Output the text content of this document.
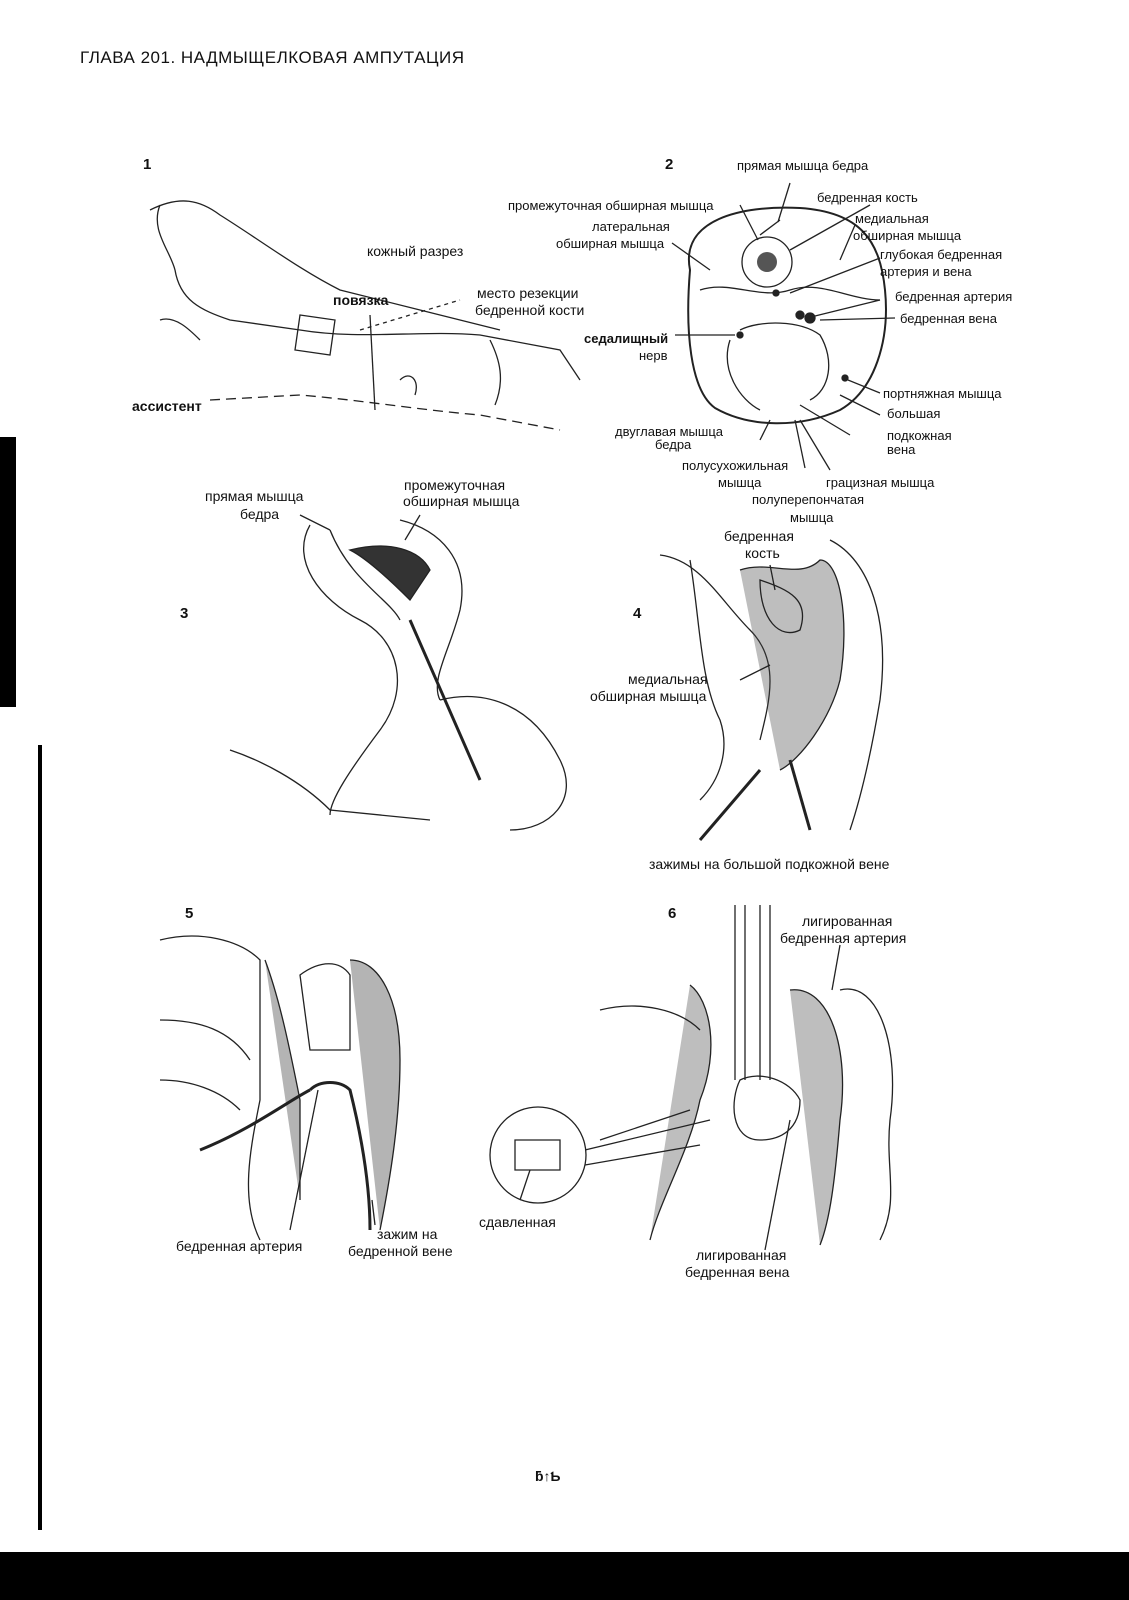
ГЛАВА 201. НАДМЫЩЕЛКОВАЯ АМПУТАЦИЯ
1	2
3	4
5	6
кожный разрез
повязка	место резекции
бедренной кости
ассистент
прямая мышца бедра
бедренная кость
промежуточная обширная мышца
латеральная
обширная мышца
медиальная
обширная мышца
глубокая бедренная
артерия и вена
бедренная артерия
бедренная вена
седалищный
нерв
портняжная мышца
большая
подкожная
вена
двуглавая мышца
бедра
полусухожильная
мышца	грацизная мышца
полуперепончатая
мышца
прямая мышца
бедра
промежуточная
обширная мышца
бедренная
кость
медиальная
обширная мышца
зажимы на большой подкожной вене
бедренная артерия
зажим на
бедренной вене
лигированная
бедренная артерия
сдавленная
лигированная
бедренная вена
ƃ↑Ƅ
